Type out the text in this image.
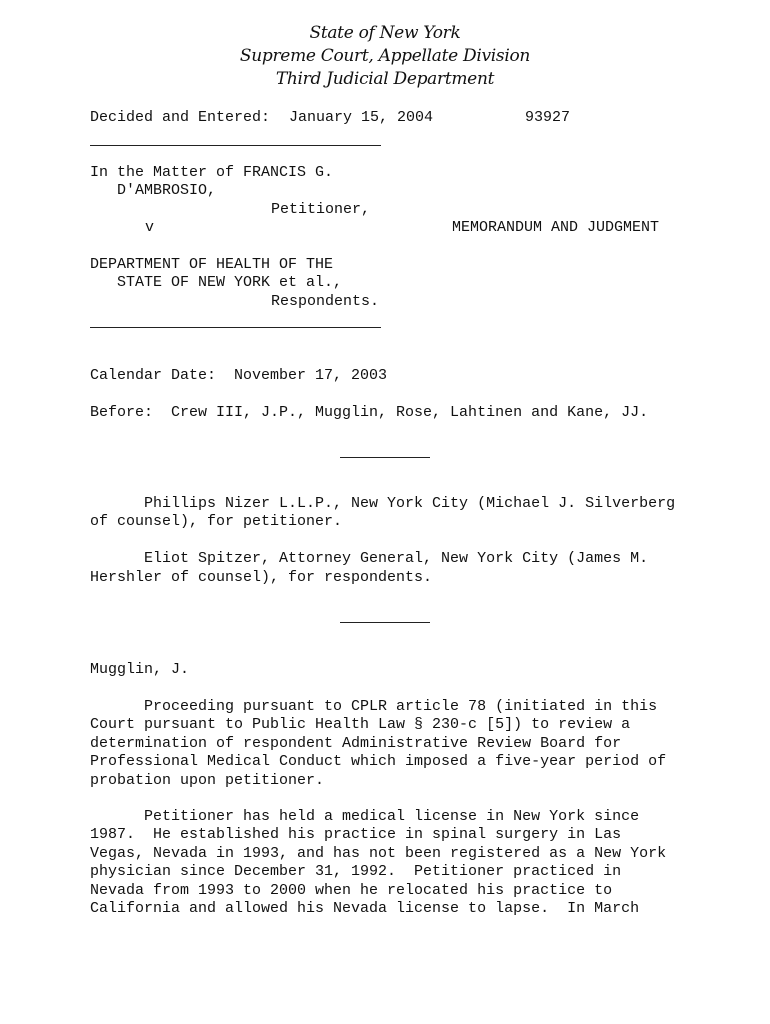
State of New York
Supreme Court, Appellate Division
Third Judicial Department
Decided and Entered: January 15, 2004	93927
In the Matter of FRANCIS G.
D'AMBROSIO,
Petitioner,
v	MEMORANDUM AND JUDGMENT
DEPARTMENT OF HEALTH OF THE
STATE OF NEW YORK et al.,
Respondents.
Calendar Date:  November 17, 2003
Before:  Crew III, J.P., Mugglin, Rose, Lahtinen and Kane, JJ.
Phillips Nizer L.L.P., New York City (Michael J. Silverberg
of counsel), for petitioner.
Eliot Spitzer, Attorney General, New York City (James M.
Hershler of counsel), for respondents.
Mugglin, J.
Proceeding pursuant to CPLR article 78 (initiated in this
Court pursuant to Public Health Law § 230-c [5]) to review a
determination of respondent Administrative Review Board for
Professional Medical Conduct which imposed a five-year period of
probation upon petitioner.
Petitioner has held a medical license in New York since
1987.  He established his practice in spinal surgery in Las
Vegas, Nevada in 1993, and has not been registered as a New York
physician since December 31, 1992.  Petitioner practiced in
Nevada from 1993 to 2000 when he relocated his practice to
California and allowed his Nevada license to lapse.  In March
